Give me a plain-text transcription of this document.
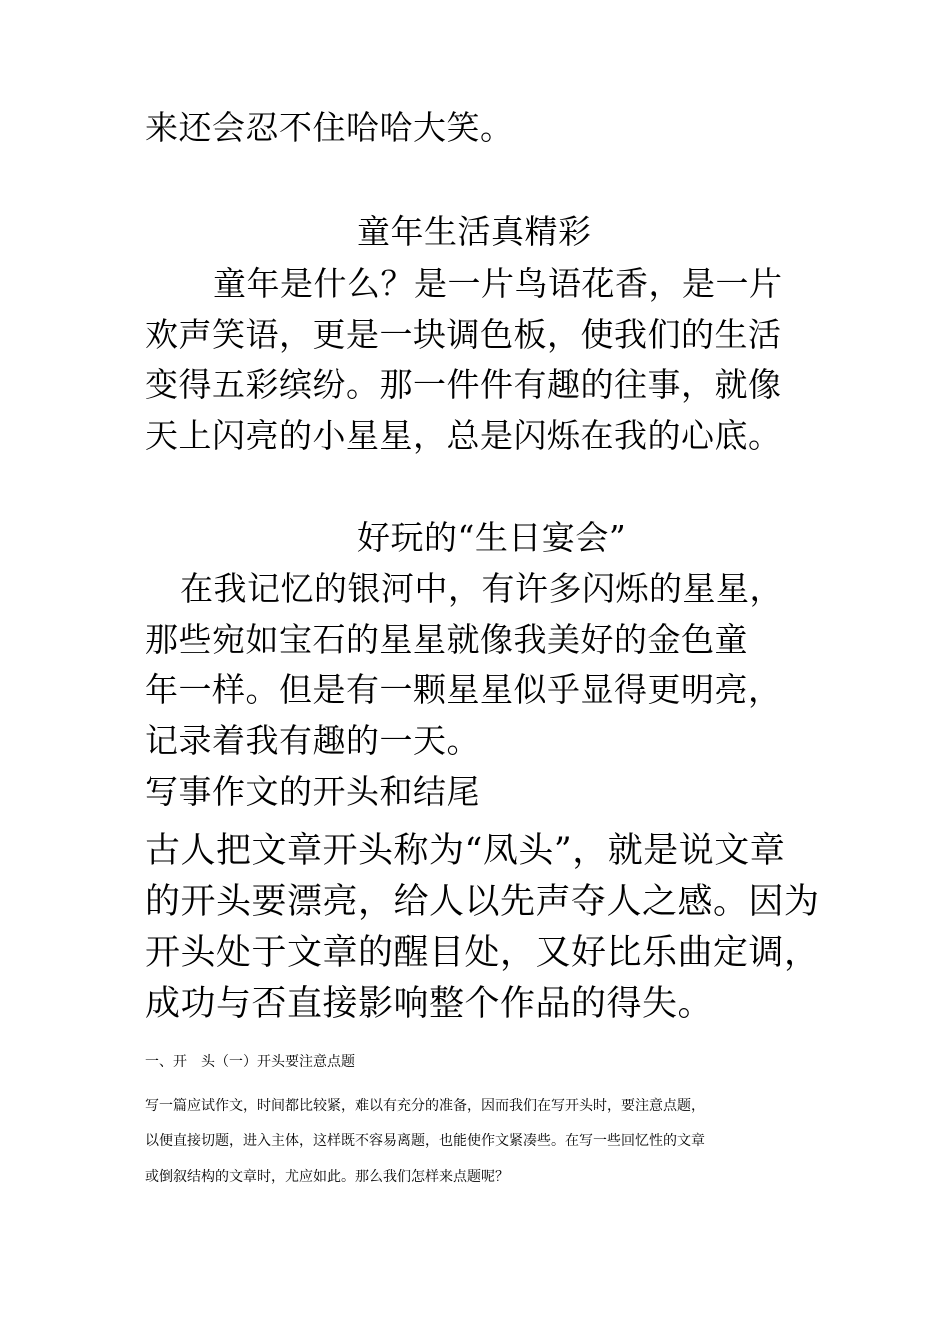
来还会忍不住哈哈大笑。
童年生活真精彩
童年是什么？是一片鸟语花香，是一片
欢声笑语，更是一块调色板，使我们的生活
变得五彩缤纷。那一件件有趣的往事，就像
天上闪亮的小星星，总是闪烁在我的心底。
好玩的“生日宴会”
在我记忆的银河中，有许多闪烁的星星，
那些宛如宝石的星星就像我美好的金色童
年一样。但是有一颗星星似乎显得更明亮，
记录着我有趣的一天。
写事作文的开头和结尾
古人把文章开头称为“凤头”，就是说文章
的开头要漂亮，给人以先声夺人之感。因为
开头处于文章的醒目处，又好比乐曲定调，
成功与否直接影响整个作品的得失。
一、开　头（一）开头要注意点题
写一篇应试作文，时间都比较紧，难以有充分的准备，因而我们在写开头时，要注意点题，
以便直接切题，进入主体，这样既不容易离题，也能使作文紧凑些。在写一些回忆性的文章
或倒叙结构的文章时，尤应如此。那么我们怎样来点题呢？
